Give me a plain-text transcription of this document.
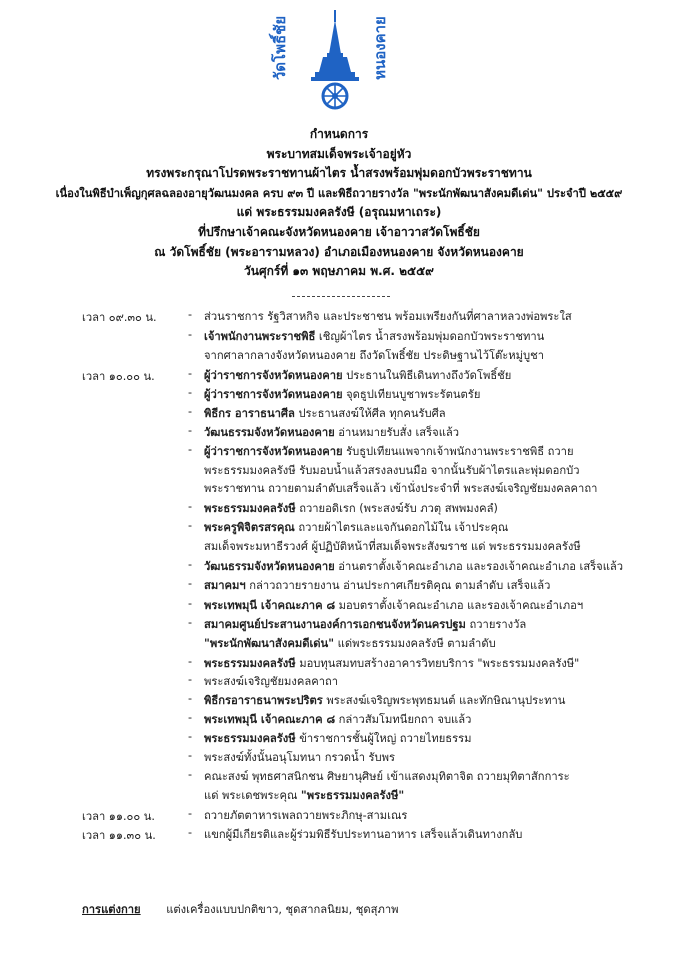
วัดโพธิ์ชัย	หนองคาย
กำหนดการ
พระบาทสมเด็จพระเจ้าอยู่หัว
ทรงพระกรุณาโปรดพระราชทานผ้าไตร น้ำสรงพร้อมพุ่มดอกบัวพระราชทาน
เนื่องในพิธีบำเพ็ญกุศลฉลองอายุวัฒนมงคล ครบ ๙๓ ปี และพิธีถวายรางวัล "พระนักพัฒนาสังคมดีเด่น" ประจำปี ๒๕๕๙
แด่ พระธรรมมงคลรังษี (อรุณมหาเถระ)
ที่ปรึกษาเจ้าคณะจังหวัดหนองคาย เจ้าอาวาสวัดโพธิ์ชัย
ณ วัดโพธิ์ชัย (พระอารามหลวง) อำเภอเมืองหนองคาย จังหวัดหนองคาย
วันศุกร์ที่ ๑๓ พฤษภาคม พ.ศ. ๒๕๕๙
เวลา ๐๙.๓๐ น.	- ส่วนราชการ รัฐวิสาหกิจ และประชาชน พร้อมเพรียงกันที่ศาลาหลวงพ่อพระใส
- เจ้าพนักงานพระราชพิธี เชิญผ้าไตร น้ำสรงพร้อมพุ่มดอกบัวพระราชทาน
จากศาลากลางจังหวัดหนองคาย ถึงวัดโพธิ์ชัย ประดิษฐานไว้โต๊ะหมู่บูชา
เวลา ๑๐.๐๐ น.	- ผู้ว่าราชการจังหวัดหนองคาย ประธานในพิธีเดินทางถึงวัดโพธิ์ชัย
- ผู้ว่าราชการจังหวัดหนองคาย จุดธูปเทียนบูชาพระรัตนตรัย
- พิธีกร อาราธนาศีล ประธานสงฆ์ให้ศีล ทุกคนรับศีล
- วัฒนธรรมจังหวัดหนองคาย อ่านหมายรับสั่ง เสร็จแล้ว
- ผู้ว่าราชการจังหวัดหนองคาย รับธูปเทียนแพจากเจ้าพนักงานพระราชพิธี ถวาย
พระธรรมมงคลรังษี รับมอบน้ำแล้วสรงลงบนมือ จากนั้นรับผ้าไตรและพุ่มดอกบัว
พระราชทาน ถวายตามลำดับเสร็จแล้ว เข้านั่งประจำที่ พระสงฆ์เจริญชัยมงคลคาถา
- พระธรรมมงคลรังษี ถวายอดิเรก (พระสงฆ์รับ ภวตุ สพพมงคลํ)
- พระครูพิจิตรสรคุณ ถวายผ้าไตรและแจกันดอกไม้ใน เจ้าประคุณ
สมเด็จพระมหาธีรวงศ์ ผู้ปฏิบัติหน้าที่สมเด็จพระสังฆราช แด่ พระธรรมมงคลรังษี
- วัฒนธรรมจังหวัดหนองคาย อ่านตราตั้งเจ้าคณะอำเภอ และรองเจ้าคณะอำเภอ เสร็จแล้ว
- สมาคมฯ กล่าวถวายรายงาน อ่านประกาศเกียรติคุณ ตามลำดับ เสร็จแล้ว
- พระเทพมุนี เจ้าคณะภาค ๘ มอบตราตั้งเจ้าคณะอำเภอ และรองเจ้าคณะอำเภอฯ
- สมาคมศูนย์ประสานงานองค์การเอกชนจังหวัดนครปฐม ถวายรางวัล
"พระนักพัฒนาสังคมดีเด่น" แด่พระธรรมมงคลรังษี ตามลำดับ
- พระธรรมมงคลรังษี มอบทุนสมทบสร้างอาคารวิทยบริการ "พระธรรมมงคลรังษี"
- พระสงฆ์เจริญชัยมงคลคาถา
- พิธีกรอาราธนาพระปริตร พระสงฆ์เจริญพระพุทธมนต์ และทักษิณานุประทาน
- พระเทพมุนี เจ้าคณะภาค ๘ กล่าวสัมโมทนียกถา จบแล้ว
- พระธรรมมงคลรังษี ข้าราชการชั้นผู้ใหญ่ ถวายไทยธรรม
- พระสงฆ์ทั้งนั้นอนุโมทนา กรวดน้ำ รับพร
- คณะสงฆ์ พุทธศาสนิกชน ศิษยานุศิษย์ เข้าแสดงมุทิตาจิต ถวายมุทิตาสักการะ
แด่ พระเดชพระคุณ "พระธรรมมงคลรังษี"
เวลา ๑๑.๐๐ น.	- ถวายภัตตาหารเพลถวายพระภิกษุ-สามเณร
เวลา ๑๑.๓๐ น.	- แขกผู้มีเกียรติและผู้ร่วมพิธีรับประทานอาหาร เสร็จแล้วเดินทางกลับ
การแต่งกาย แต่งเครื่องแบบปกติขาว, ชุดสากลนิยม, ชุดสุภาพ
